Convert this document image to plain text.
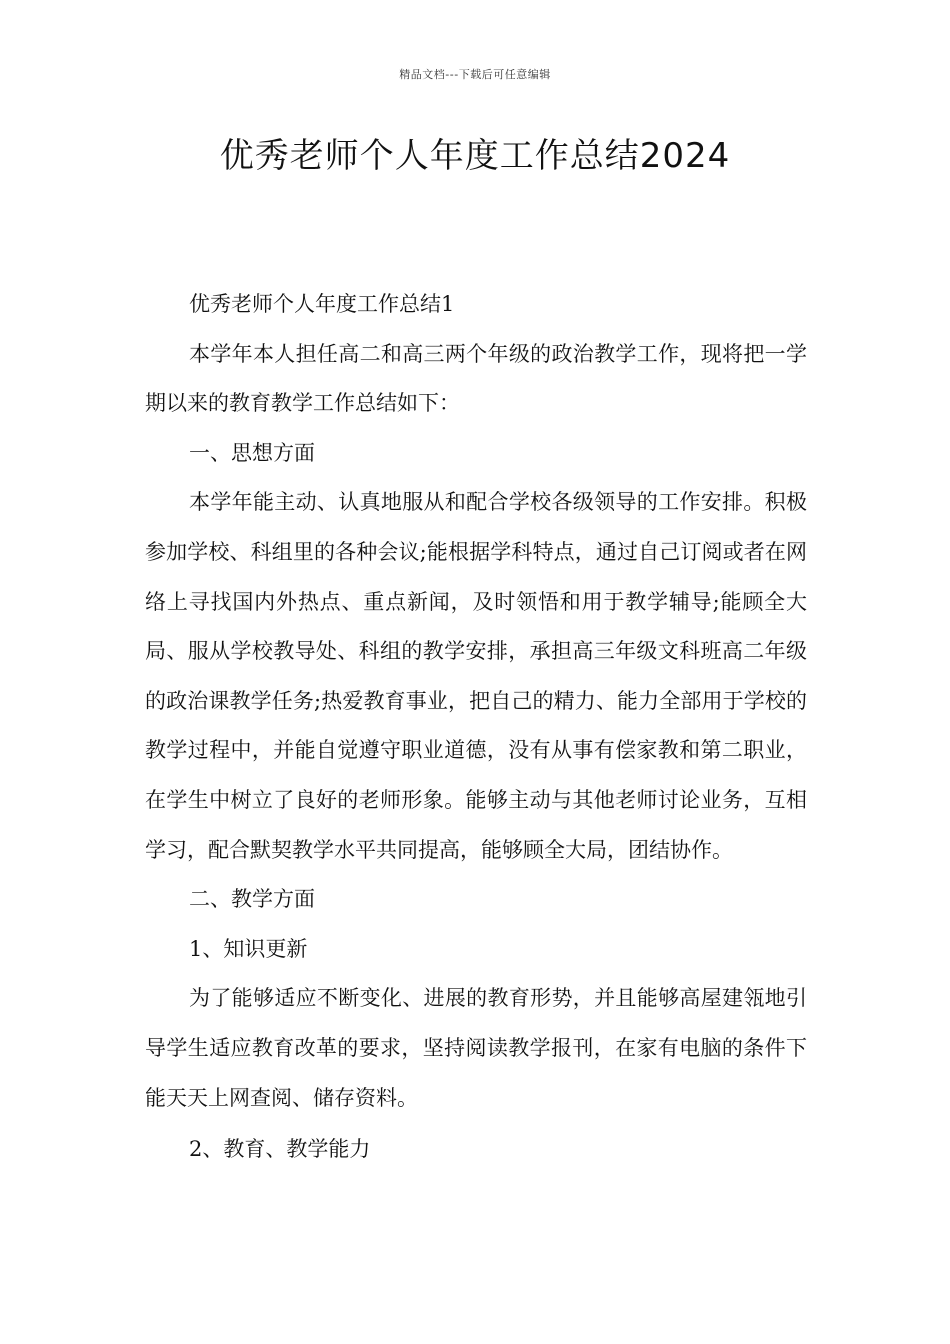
精品文档---下载后可任意编辑
优秀老师个人年度工作总结2024

优秀老师个人年度工作总结1

本学年本人担任高二和高三两个年级的政治教学工作，现将把一学期以来的教育教学工作总结如下：

一、思想方面

本学年能主动、认真地服从和配合学校各级领导的工作安排。积极参加学校、科组里的各种会议;能根据学科特点，通过自己订阅或者在网络上寻找国内外热点、重点新闻，及时领悟和用于教学辅导;能顾全大局、服从学校教导处、科组的教学安排，承担高三年级文科班高二年级的政治课教学任务;热爱教育事业，把自己的精力、能力全部用于学校的教学过程中，并能自觉遵守职业道德，没有从事有偿家教和第二职业，在学生中树立了良好的老师形象。能够主动与其他老师讨论业务，互相学习，配合默契教学水平共同提高，能够顾全大局，团结协作。

二、教学方面

1、知识更新

为了能够适应不断变化、进展的教育形势，并且能够高屋建瓴地引导学生适应教育改革的要求，坚持阅读教学报刊，在家有电脑的条件下能天天上网查阅、储存资料。

2、教育、教学能力
